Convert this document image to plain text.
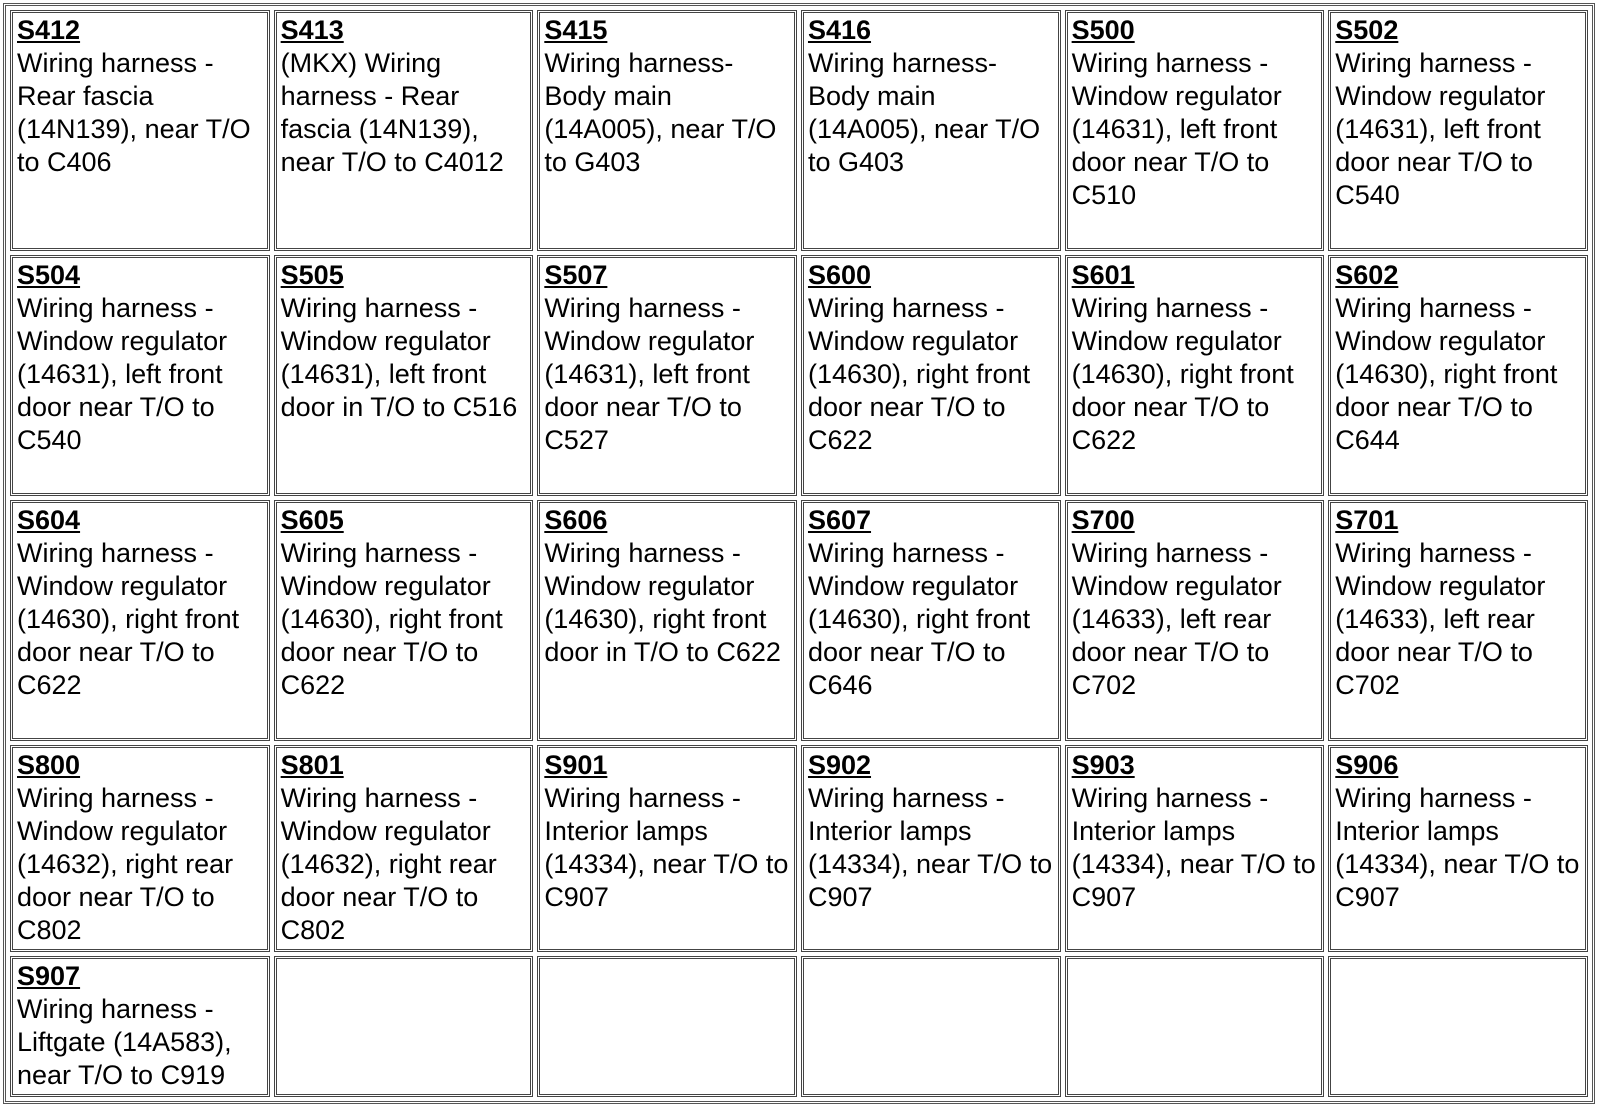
S412
Wiring harness - Rear fascia (14N139), near T/O to C406	S413
(MKX) Wiring harness - Rear fascia (14N139), near T/O to C4012	S415
Wiring harness- Body main (14A005), near T/O to G403	S416
Wiring harness- Body main (14A005), near T/O to G403	S500
Wiring harness - Window regulator (14631), left front door near T/O to C510	S502
Wiring harness - Window regulator (14631), left front door near T/O to C540

S504
Wiring harness - Window regulator (14631), left front door near T/O to C540	S505
Wiring harness - Window regulator (14631), left front door in T/O to C516	S507
Wiring harness - Window regulator (14631), left front door near T/O to C527	S600
Wiring harness - Window regulator (14630), right front door near T/O to C622	S601
Wiring harness - Window regulator (14630), right front door near T/O to C622	S602
Wiring harness - Window regulator (14630), right front door near T/O to C644

S604
Wiring harness - Window regulator (14630), right front door near T/O to C622	S605
Wiring harness - Window regulator (14630), right front door near T/O to C622	S606
Wiring harness - Window regulator (14630), right front door in T/O to C622	S607
Wiring harness - Window regulator (14630), right front door near T/O to C646	S700
Wiring harness - Window regulator (14633), left rear door near T/O to C702	S701
Wiring harness - Window regulator (14633), left rear door near T/O to C702

S800
Wiring harness - Window regulator (14632), right rear door near T/O to C802	S801
Wiring harness - Window regulator (14632), right rear door near T/O to C802	S901
Wiring harness - Interior lamps (14334), near T/O to C907	S902
Wiring harness - Interior lamps (14334), near T/O to C907	S903
Wiring harness - Interior lamps (14334), near T/O to C907	S906
Wiring harness - Interior lamps (14334), near T/O to C907

S907
Wiring harness - Liftgate (14A583), near T/O to C919					
